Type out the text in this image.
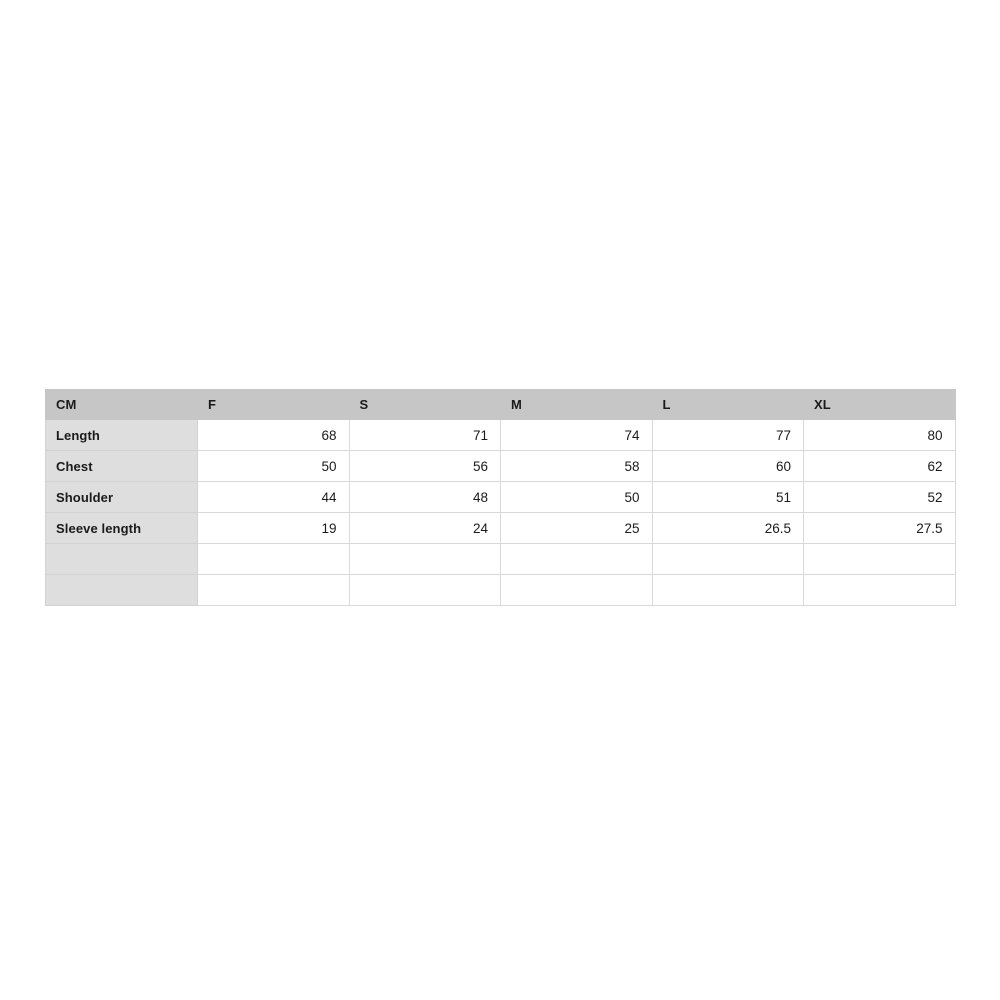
CM	F	S	M	L	XL
Length	68	71	74	77	80
Chest	50	56	58	60	62
Shoulder	44	48	50	51	52
Sleeve length	19	24	25	26.5	27.5
